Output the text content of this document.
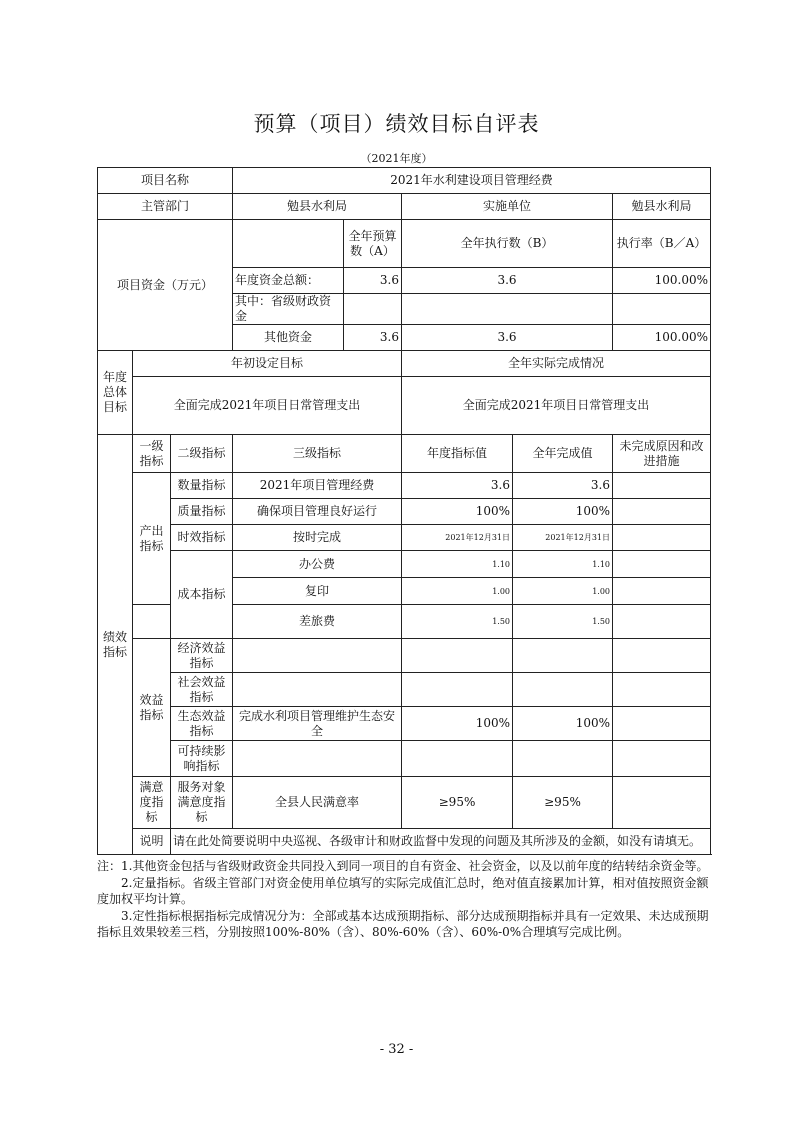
预算（项目）绩效目标自评表
（2021年度）
项目名称			2021年水利建设项目管理经费				
主管部门			勉县水利局		实施单位		勉县水利局
项目资金（万元）				全年预算数（A）	全年执行数（B）		执行率（B／A）
			年度资金总额：	3.6	3.6		100.00%
			其中：省级财政资金				
			其他资金	3.6	3.6		100.00%
年度总体目标	年初设定目标				全年实际完成情况		
	全面完成2021年项目日常管理支出				全面完成2021年项目日常管理支出		
绩效指标	一级指标	二级指标	三级指标		年度指标值	全年完成值	未完成原因和改进措施
	产出指标	数量指标	2021年项目管理经费		3.6	3.6	
		质量指标	确保项目管理良好运行		100%	100%	
		时效指标	按时完成		2021年12月31日	2021年12月31日	
		成本指标	办公费		1.10	1.10	
			复印		1.00	1.00	
			差旅费		1.50	1.50	
	效益指标	经济效益指标					
		社会效益指标					
		生态效益指标	完成水利项目管理维护生态安全		100%	100%	
		可持续影响指标					
	满意度指标	服务对象满意度指标	全县人民满意率		≥95%	≥95%	
	说明	请在此处简要说明中央巡视、各级审计和财政监督中发现的问题及其所涉及的金额，如没有请填无。					

注：1.其他资金包括与省级财政资金共同投入到同一项目的自有资金、社会资金，以及以前年度的结转结余资金等。

2.定量指标。省级主管部门对资金使用单位填写的实际完成值汇总时，绝对值直接累加计算，相对值按照资金额度加权平均计算。

3.定性指标根据指标完成情况分为：全部或基本达成预期指标、部分达成预期指标并具有一定效果、未达成预期指标且效果较差三档，分别按照100%-80%（含）、80%-60%（含）、60%-0%合理填写完成比例。

- 32 -
